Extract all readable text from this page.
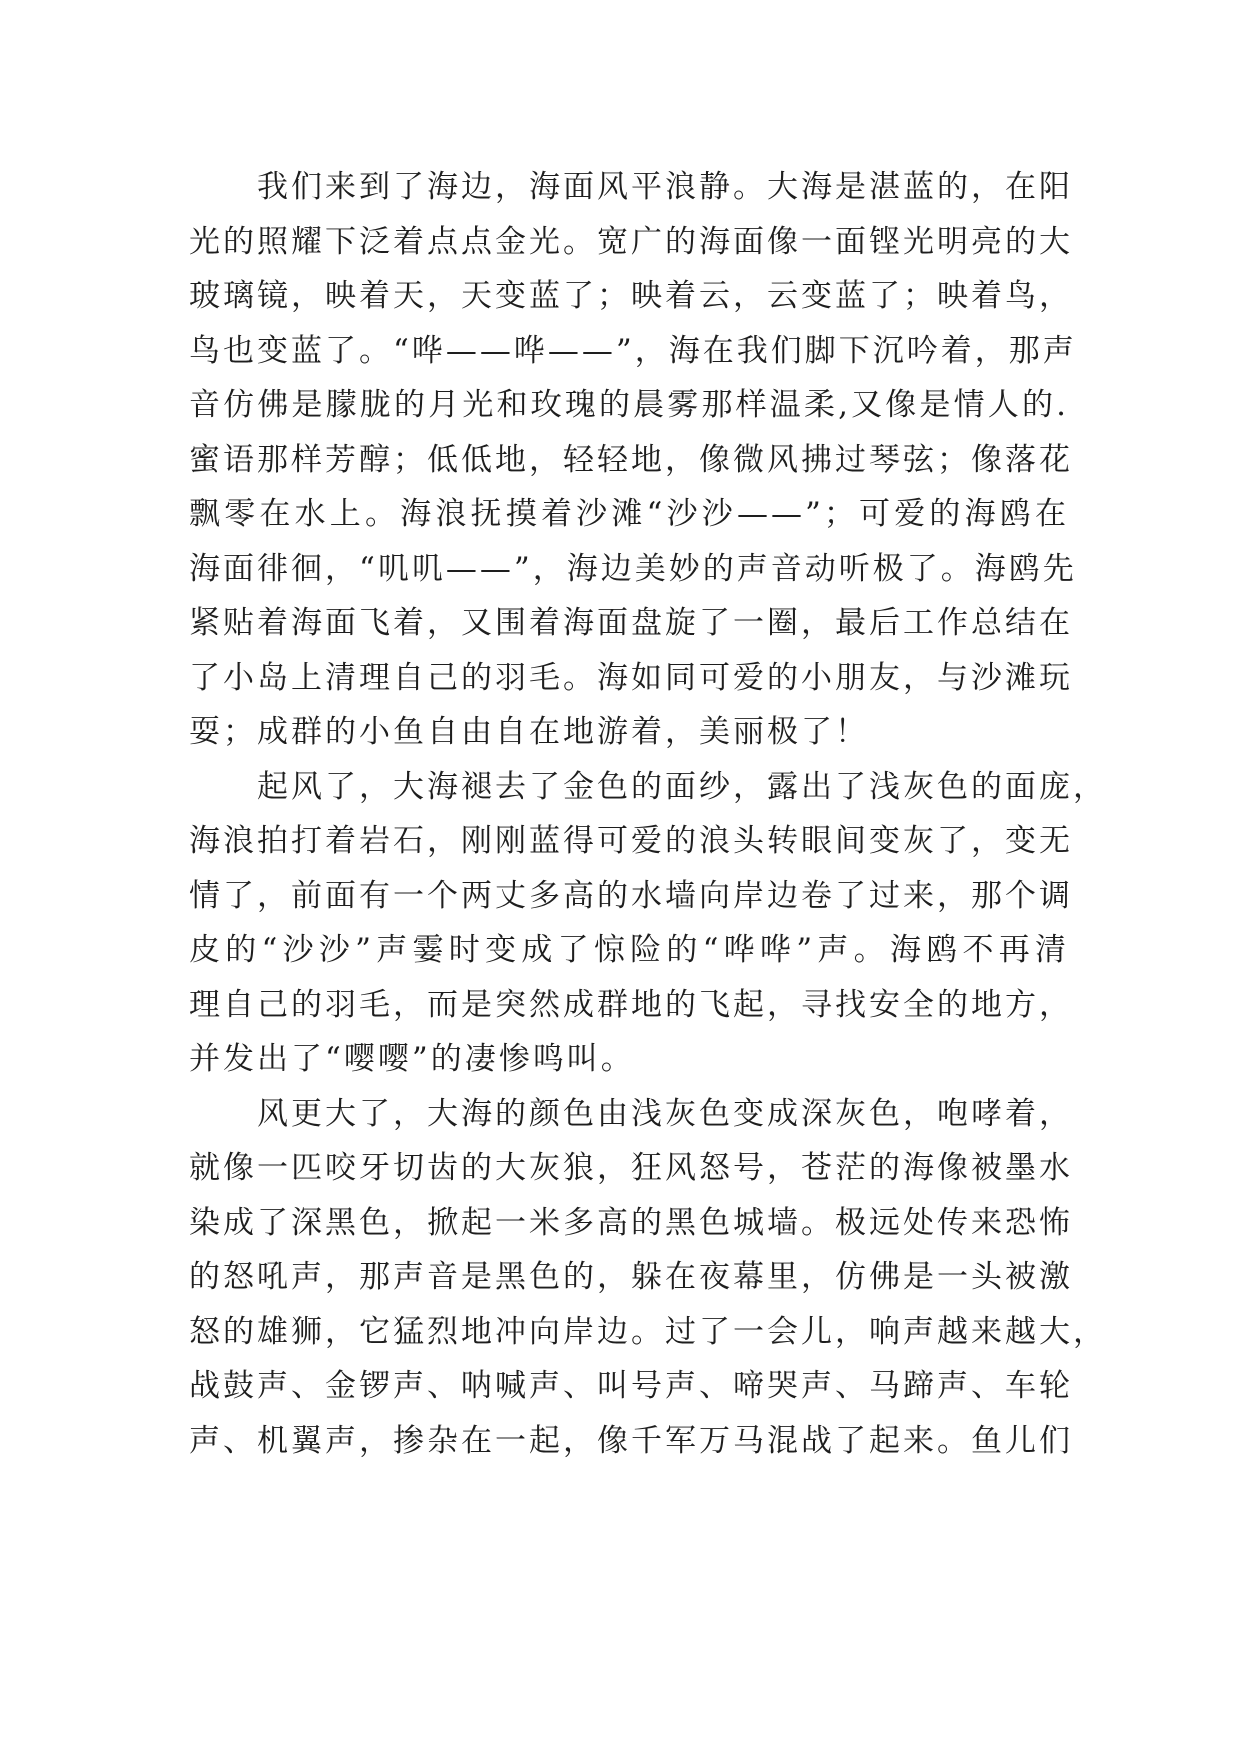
我们来到了海边，海面风平浪静。大海是湛蓝的，在阳
光的照耀下泛着点点金光。宽广的海面像一面铿光明亮的大
玻璃镜，映着天，天变蓝了；映着云，云变蓝了；映着鸟，
鸟也变蓝了。“哗——哗——”，海在我们脚下沉吟着，那声
音仿佛是朦胧的月光和玫瑰的晨雾那样温柔,又像是情人的.
蜜语那样芳醇；低低地，轻轻地，像微风拂过琴弦；像落花
飘零在水上。海浪抚摸着沙滩“沙沙——”；可爱的海鸥在
海面徘徊，“叽叽——”，海边美妙的声音动听极了。海鸥先
紧贴着海面飞着，又围着海面盘旋了一圈，最后工作总结在
了小岛上清理自己的羽毛。海如同可爱的小朋友，与沙滩玩
耍；成群的小鱼自由自在地游着，美丽极了！
起风了，大海褪去了金色的面纱，露出了浅灰色的面庞，
海浪拍打着岩石，刚刚蓝得可爱的浪头转眼间变灰了，变无
情了，前面有一个两丈多高的水墙向岸边卷了过来，那个调
皮的“沙沙”声霎时变成了惊险的“哗哗”声。海鸥不再清
理自己的羽毛，而是突然成群地的飞起，寻找安全的地方，
并发出了“嘤嘤”的凄惨鸣叫。
风更大了，大海的颜色由浅灰色变成深灰色，咆哮着，
就像一匹咬牙切齿的大灰狼，狂风怒号，苍茫的海像被墨水
染成了深黑色，掀起一米多高的黑色城墙。极远处传来恐怖
的怒吼声，那声音是黑色的，躲在夜幕里，仿佛是一头被激
怒的雄狮，它猛烈地冲向岸边。过了一会儿，响声越来越大，
战鼓声、金锣声、呐喊声、叫号声、啼哭声、马蹄声、车轮
声、机翼声，掺杂在一起，像千军万马混战了起来。鱼儿们
